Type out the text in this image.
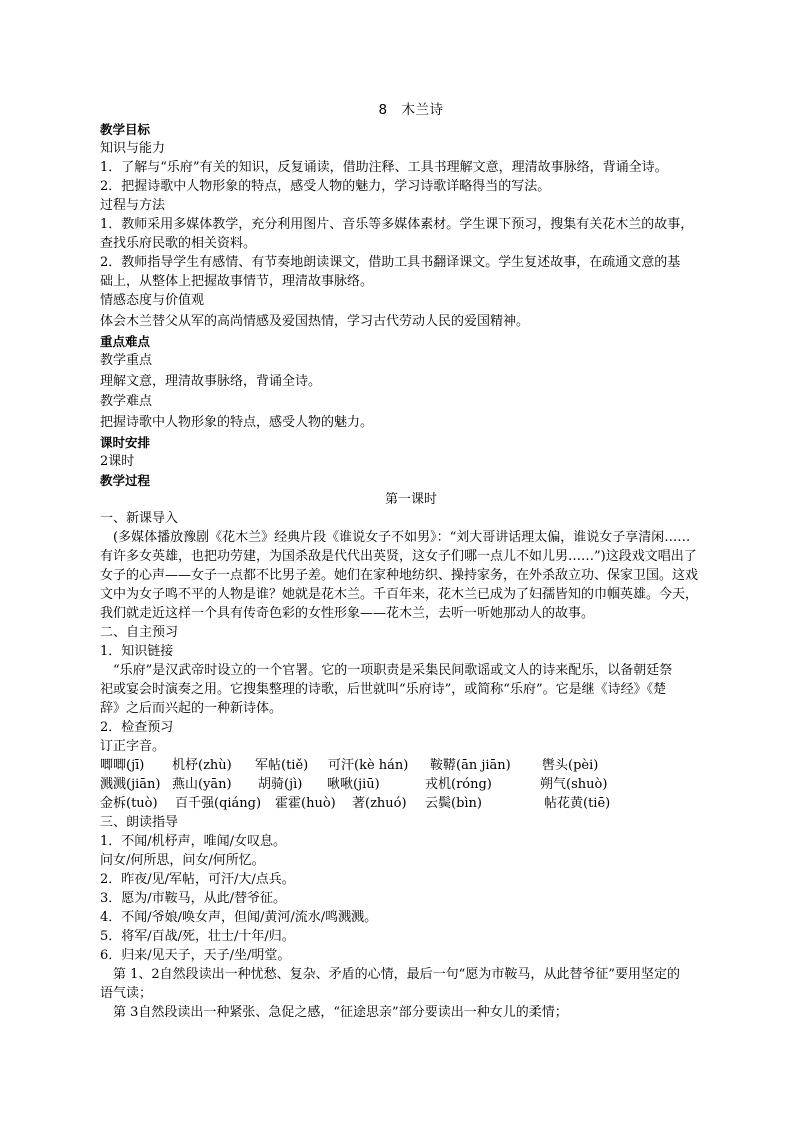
8　木兰诗
教学目标
知识与能力
1．了解与“乐府”有关的知识，反复诵读，借助注释、工具书理解文意，理清故事脉络，背诵全诗。
2．把握诗歌中人物形象的特点，感受人物的魅力，学习诗歌详略得当的写法。
过程与方法
1．教师采用多媒体教学，充分利用图片、音乐等多媒体素材。学生课下预习，搜集有关花木兰的故事，
查找乐府民歌的相关资料。
2．教师指导学生有感情、有节奏地朗读课文，借助工具书翻译课文。学生复述故事，在疏通文意的基
础上，从整体上把握故事情节，理清故事脉络。
情感态度与价值观
体会木兰替父从军的高尚情感及爱国热情，学习古代劳动人民的爱国精神。
重点难点
教学重点
理解文意，理清故事脉络，背诵全诗。
教学难点
把握诗歌中人物形象的特点，感受人物的魅力。
课时安排
2课时
教学过程
第一课时
一、新课导入
(多媒体播放豫剧《花木兰》经典片段《谁说女子不如男》：“刘大哥讲话理太偏，谁说女子享清闲……
有许多女英雄，也把功劳建，为国杀敌是代代出英贤，这女子们哪一点儿不如儿男……”)这段戏文唱出了
女子的心声——女子一点都不比男子差。她们在家种地纺织、操持家务，在外杀敌立功、保家卫国。这戏
文中为女子鸣不平的人物是谁？她就是花木兰。千百年来，花木兰已成为了妇孺皆知的巾帼英雄。今天，
我们就走近这样一个具有传奇色彩的女性形象——花木兰，去听一听她那动人的故事。
二、自主预习
1．知识链接
“乐府”是汉武帝时设立的一个官署。它的一项职责是采集民间歌谣或文人的诗来配乐，以备朝廷祭
祀或宴会时演奏之用。它搜集整理的诗歌，后世就叫“乐府诗”，或简称“乐府”。它是继《诗经》《楚
辞》之后而兴起的一种新诗体。
2．检查预习
订正字音。
唧唧(jī) 机杼(zhù) 军帖(tiě) 可汗(kè hán) 鞍鞯(ān jiān) 辔头(pèi)
溅溅(jiān) 燕山(yān) 胡骑(jì) 啾啾(jiū)	戎机(róng)	朔气(shuò)
金柝(tuò) 百千强(qiáng) 霍霍(huò) 著(zhuó) 云鬓(bìn)	帖花黄(tiē)
三、朗读指导
1．不闻/机杼声，唯闻/女叹息。
问女/何所思，问女/何所忆。
2．昨夜/见/军帖，可汗/大/点兵。
3．愿为/市鞍马，从此/替爷征。
4．不闻/爷娘/唤女声，但闻/黄河/流水/鸣溅溅。
5．将军/百战/死，壮士/十年/归。
6．归来/见天子，天子/坐/明堂。
第 1、2自然段读出一种忧愁、复杂、矛盾的心情，最后一句“愿为市鞍马，从此替爷征”要用坚定的
语气读；
第 3自然段读出一种紧张、急促之感，“征途思亲”部分要读出一种女儿的柔情；
